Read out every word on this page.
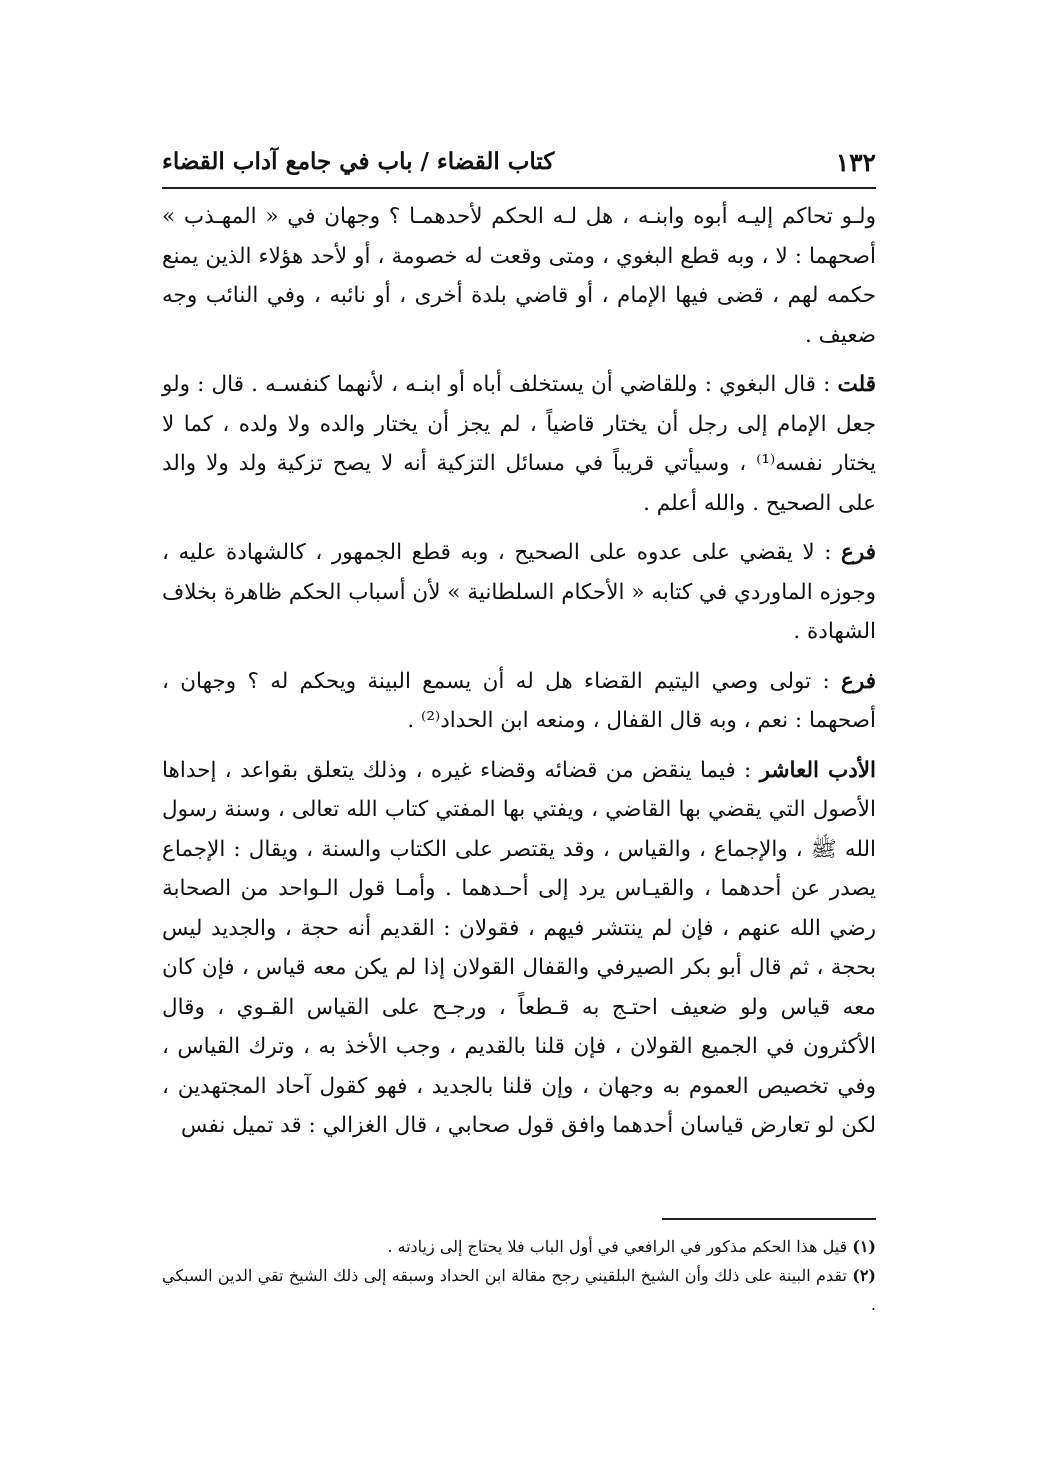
١٣٢
كتاب القضاء / باب في جامع آداب القضاء

ولـو تحاكم إليـه أبوه وابنـه ، هل لـه الحكم لأحدهمـا ؟ وجهان في « المهـذب » أصحهما : لا ، وبه قطع البغوي ، ومتى وقعت له خصومة ، أو لأحد هؤلاء الذين يمنع حكمه لهم ، قضى فيها الإمام ، أو قاضي بلدة أخرى ، أو نائبه ، وفي النائب وجه ضعيف .

قلت : قال البغوي : وللقاضي أن يستخلف أباه أو ابنـه ، لأنهما كنفسـه . قال : ولو جعل الإمام إلى رجل أن يختار قاضياً ، لم يجز أن يختار والده ولا ولده ، كما لا يختار نفسه⁽¹⁾ ، وسيأتي قريباً في مسائل التزكية أنه لا يصح تزكية ولد ولا والد على الصحيح . والله أعلم .

فرع : لا يقضي على عدوه على الصحيح ، وبه قطع الجمهور ، كالشهادة عليه ، وجوزه الماوردي في كتابه « الأحكام السلطانية » لأن أسباب الحكم ظاهرة بخلاف الشهادة .

فرع : تولى وصي اليتيم القضاء هل له أن يسمع البينة ويحكم له ؟ وجهان ، أصحهما : نعم ، وبه قال القفال ، ومنعه ابن الحداد⁽²⁾ .

الأدب العاشر : فيما ينقض من قضائه وقضاء غيره ، وذلك يتعلق بقواعد ، إحداها الأصول التي يقضي بها القاضي ، ويفتي بها المفتي كتاب الله تعالى ، وسنة رسول الله ﷺ ، والإجماع ، والقياس ، وقد يقتصر على الكتاب والسنة ، ويقال : الإجماع يصدر عن أحدهما ، والقيـاس يرد إلى أحـدهما . وأمـا قول الـواحد من الصحابة رضي الله عنهم ، فإن لم ينتشر فيهم ، فقولان : القديم أنه حجة ، والجديد ليس بحجة ، ثم قال أبو بكر الصيرفي والقفال القولان إذا لم يكن معه قياس ، فإن كان معه قياس ولو ضعيف احتـج به قـطعاً ، ورجـح على القياس القـوي ، وقال الأكثرون في الجميع القولان ، فإن قلنا بالقديم ، وجب الأخذ به ، وترك القياس ، وفي تخصيص العموم به وجهان ، وإن قلنا بالجديد ، فهو كقول آحاد المجتهدين ، لكن لو تعارض قياسان أحدهما وافق قول صحابي ، قال الغزالي : قد تميل نفس

(١) قيل هذا الحكم مذكور في الرافعي في أول الباب فلا يحتاج إلى زيادته .

(٢) تقدم البينة على ذلك وأن الشيخ البلقيني رجح مقالة ابن الحداد وسبقه إلى ذلك الشيخ تقي الدين السبكي .
